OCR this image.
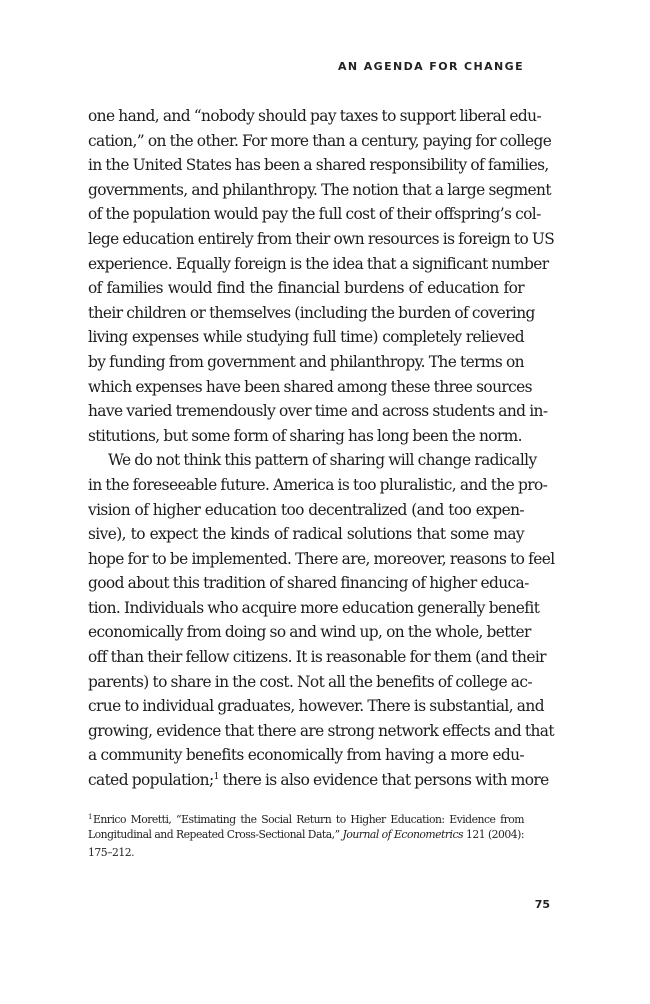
AN AGENDA FOR CHANGE
one hand, and “nobody should pay taxes to support liberal edu-
cation,” on the other. For more than a century, paying for college
in the United States has been a shared responsibility of families,
governments, and philanthropy. The notion that a large segment
of the population would pay the full cost of their offspring’s col-
lege education entirely from their own resources is foreign to US
experience. Equally foreign is the idea that a significant number
of families would find the financial burdens of education for
their children or themselves (including the burden of covering
living expenses while studying full time) completely relieved
by funding from government and philanthropy. The terms on
which expenses have been shared among these three sources
have varied tremendously over time and across students and in-
stitutions, but some form of sharing has long been the norm.
We do not think this pattern of sharing will change radically
in the foreseeable future. America is too pluralistic, and the pro-
vision of higher education too decentralized (and too expen-
sive), to expect the kinds of radical solutions that some may
hope for to be implemented. There are, moreover, reasons to feel
good about this tradition of shared financing of higher educa-
tion. Individuals who acquire more education generally benefit
economically from doing so and wind up, on the whole, better
off than their fellow citizens. It is reasonable for them (and their
parents) to share in the cost. Not all the benefits of college ac-
crue to individual graduates, however. There is substantial, and
growing, evidence that there are strong network effects and that
a community benefits economically from having a more edu-
cated population;$^1$ there is also evidence that persons with more
$^1$Enrico Moretti, “Estimating the Social Return to Higher Education: Evidence from
Longitudinal and Repeated Cross-Sectional Data,” Journal of Econometrics 121 (2004):
175–212.
75
